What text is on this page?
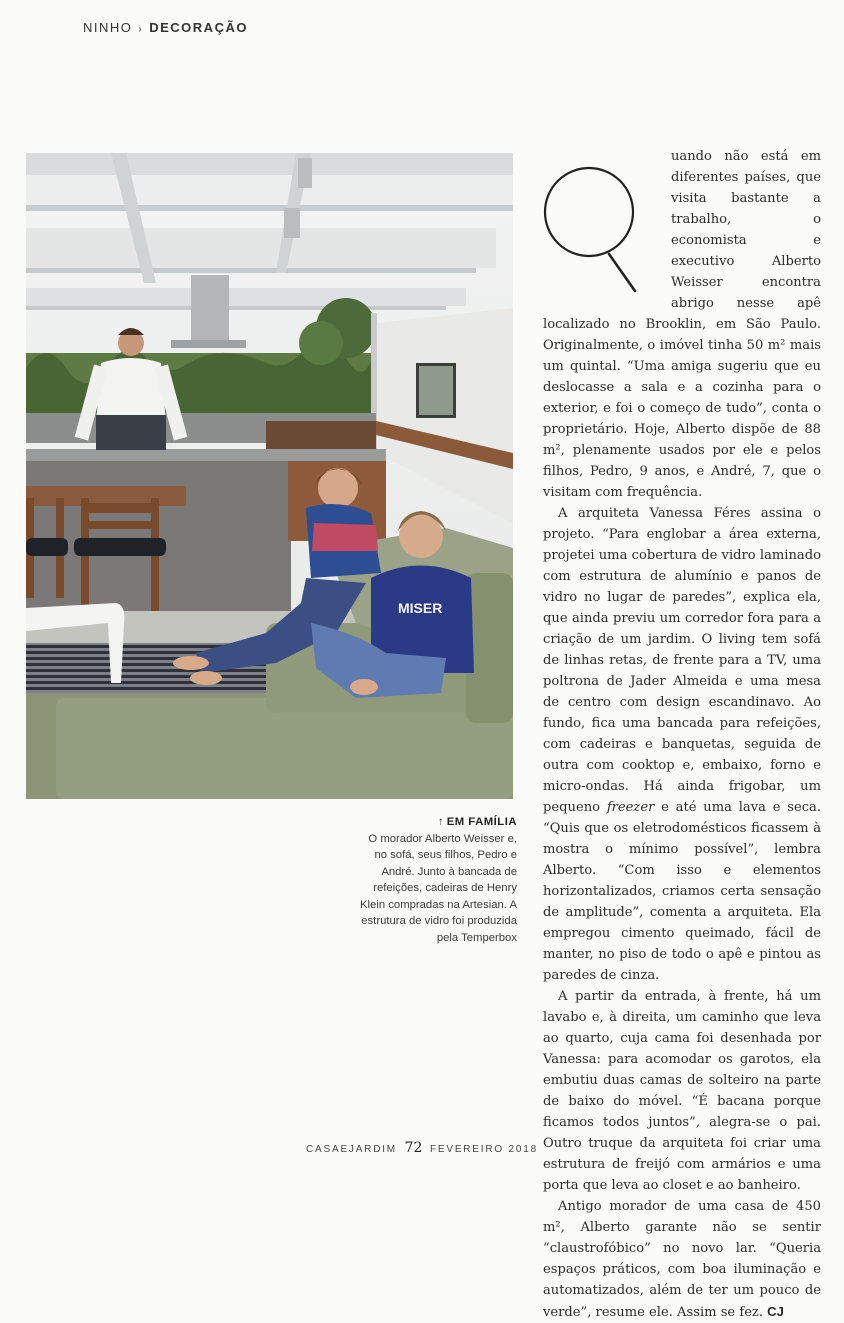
NINHO › DECORAÇÃO
MISER
↑ EM FAMÍLIA
O morador Alberto Weisser e, no sofá, seus filhos, Pedro e André. Junto à bancada de refeições, cadeiras de Henry Klein compradas na Artesian. A estrutura de vidro foi produzida pela Temperbox

uando não está em diferentes países, que visita bastante a trabalho, o economista e executivo Alberto Weisser encontra abrigo nesse apê localizado no Brooklin, em São Paulo. Originalmente, o imóvel tinha 50 m² mais um quintal. “Uma amiga sugeriu que eu deslocasse a sala e a cozinha para o exterior, e foi o começo de tudo”, conta o proprietário. Hoje, Alberto dispõe de 88 m², plenamente usados por ele e pelos filhos, Pedro, 9 anos, e André, 7, que o visitam com frequência.

A arquiteta Vanessa Féres assina o projeto. “Para englobar a área externa, projetei uma cobertura de vidro laminado com estrutura de alumínio e panos de vidro no lugar de paredes”, explica ela, que ainda previu um corredor fora para a criação de um jardim. O living tem sofá de linhas retas, de frente para a TV, uma poltrona de Jader Almeida e uma mesa de centro com design escandinavo. Ao fundo, fica uma bancada para refeições, com cadeiras e banquetas, seguida de outra com cooktop e, embaixo, forno e micro-ondas. Há ainda frigobar, um pequeno freezer e até uma lava e seca. “Quis que os eletrodomésticos ficassem à mostra o mínimo possível”, lembra Alberto. “Com isso e elementos horizontalizados, criamos certa sensação de amplitude”, comenta a arquiteta. Ela empregou cimento queimado, fácil de manter, no piso de todo o apê e pintou as paredes de cinza.

A partir da entrada, à frente, há um lavabo e, à direita, um caminho que leva ao quarto, cuja cama foi desenhada por Vanessa: para acomodar os garotos, ela embutiu duas camas de solteiro na parte de baixo do móvel. “É bacana porque ficamos todos juntos”, alegra-se o pai. Outro truque da arquiteta foi criar uma estrutura de freijó com armários e uma porta que leva ao closet e ao banheiro.

Antigo morador de uma casa de 450 m², Alberto garante não se sentir “claustrofóbico” no novo lar. “Queria espaços práticos, com boa iluminação e automatizados, além de ter um pouco de verde”, resume ele. Assim se fez. CJ

CASAEJARDIM 72 FEVEREIRO 2018
